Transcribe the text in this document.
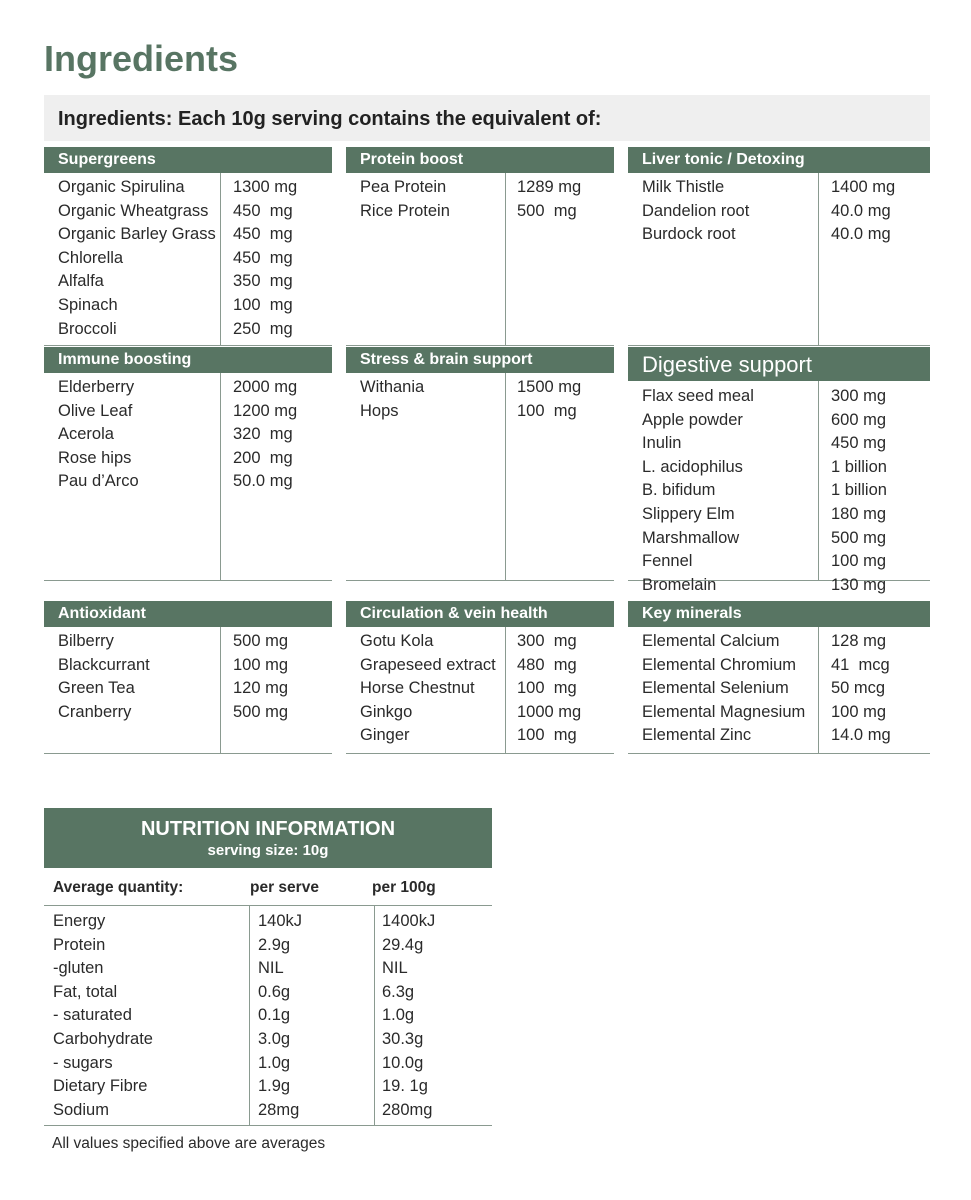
Ingredients
Ingredients: Each 10g serving contains the equivalent of:
Supergreens
Organic Spirulina	1300 mg
Organic Wheatgrass 450  mg
Organic Barley Grass 450  mg
Chlorella	450  mg
Alfalfa	350  mg
Spinach	100  mg
Broccoli	250  mg
Protein boost
Pea Protein	1289 mg
Rice Protein	500  mg
Liver tonic / Detoxing
Milk Thistle	1400 mg
Dandelion root	40.0 mg
Burdock root	40.0 mg
Immune boosting
Elderberry	2000 mg
Olive Leaf	1200 mg
Acerola	320  mg
Rose hips	200  mg
Pau d’Arco	50.0 mg
Stress & brain support
Withania	1500 mg
Hops	100  mg
Digestive support
Flax seed meal	300 mg
Apple powder	600 mg
Inulin	450 mg
L. acidophilus	1 billion
B. bifidum	1 billion
Slippery Elm	180 mg
Marshmallow	500 mg
Fennel	100 mg
Bromelain	130 mg
Antioxidant
Bilberry	500 mg
Blackcurrant	100 mg
Green Tea	120 mg
Cranberry	500 mg
Circulation & vein health
Gotu Kola	300  mg
Grapeseed extract 480  mg
Horse Chestnut	100  mg
Ginkgo	1000 mg
Ginger	100  mg
Key minerals
Elemental Calcium	128 mg
Elemental Chromium 41  mcg
Elemental Selenium	50 mcg
Elemental Magnesium 100 mg
Elemental Zinc	14.0 mg
NUTRITION INFORMATION
serving size: 10g
Average quantity:	per serve	per 100g
Energy	140kJ	1400kJ
Protein	2.9g	29.4g
-gluten	NIL	NIL
Fat, total	0.6g	6.3g
- saturated	0.1g	1.0g
Carbohydrate	3.0g	30.3g
- sugars	1.0g	10.0g
Dietary Fibre	1.9g	19. 1g
Sodium	28mg	280mg
All values specified above are averages
